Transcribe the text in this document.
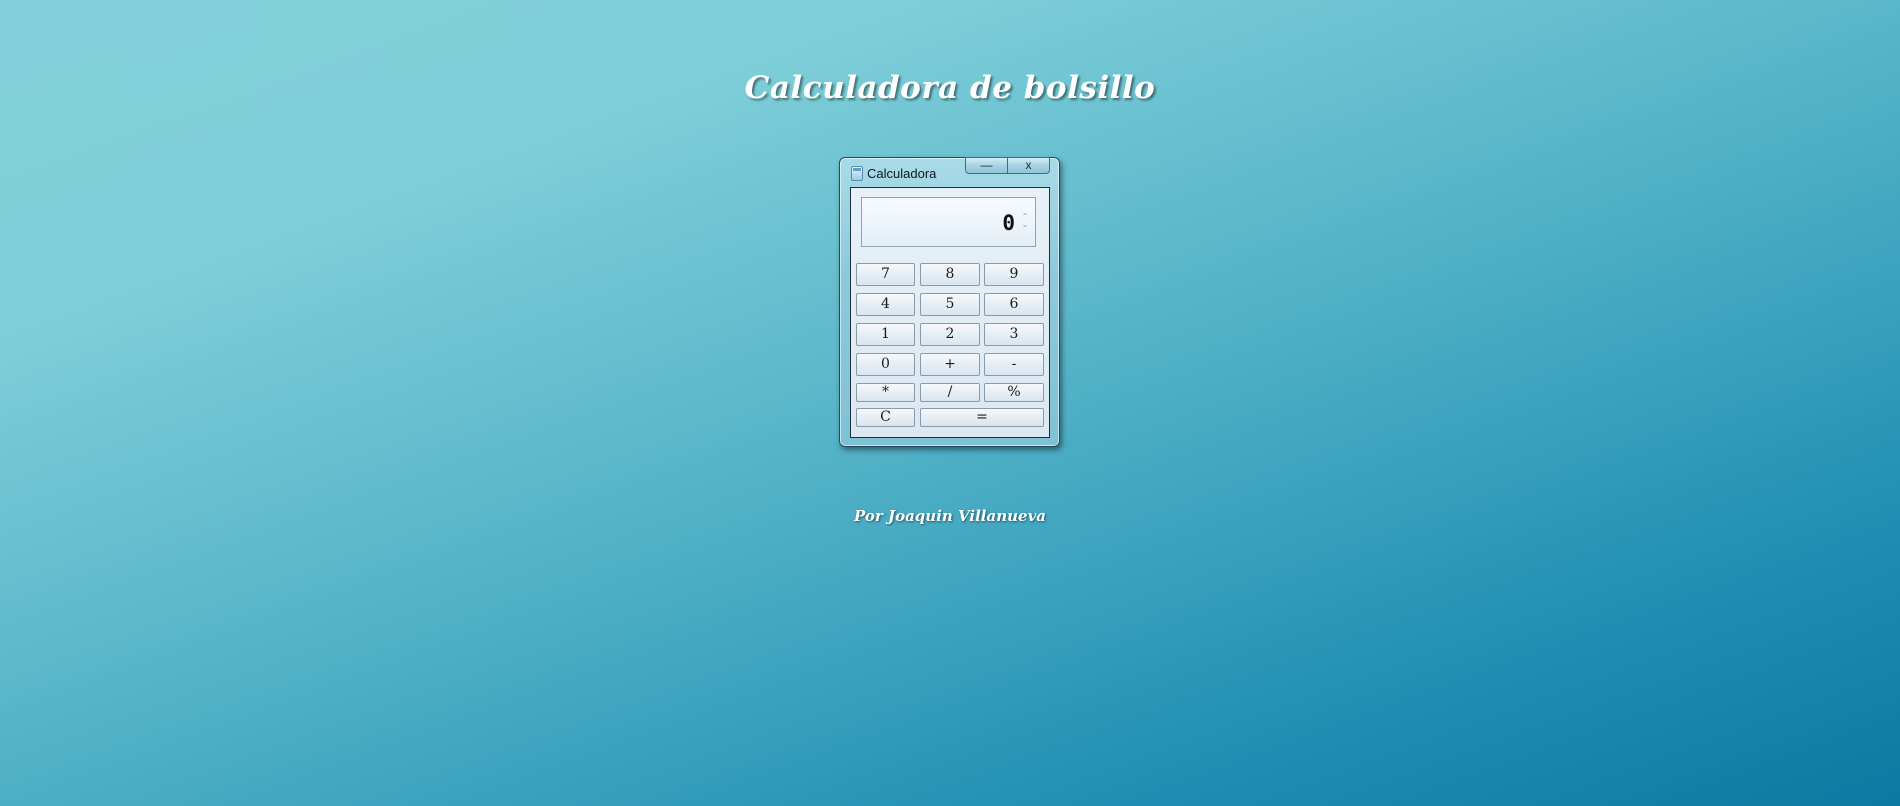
Calculadora de bolsillo
Calculadora
—	x
0 ⌃
⌄
7	8	9
4	5	6
1	2	3
0	+	-
*	/	%
C	=
Por Joaquin Villanueva
